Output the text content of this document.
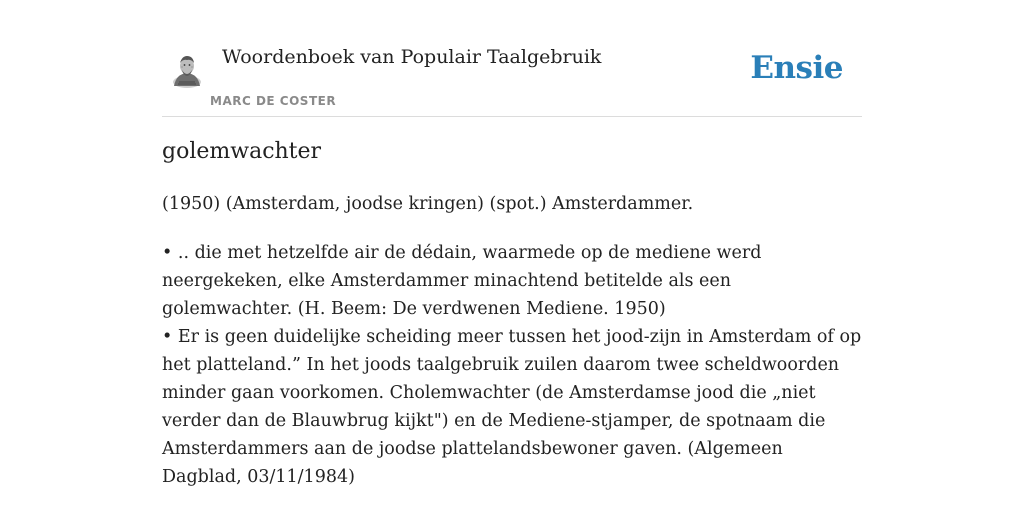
Woordenboek van Populair Taalgebruik
MARC DE COSTER
Ensie
golemwachter

(1950) (Amsterdam, joodse kringen) (spot.) Amsterdammer.

• .. die met hetzelfde air de dédain, waarmede op de mediene werd neergekeken, elke Amsterdammer minachtend betitelde als een golemwachter. (H. Beem: De verdwenen Mediene. 1950)

• Er is geen duidelijke scheiding meer tussen het jood-zijn in Amsterdam of op het platteland.” In het joods taalgebruik zuilen daarom twee scheldwoorden minder gaan voorkomen. Cholemwachter (de Amsterdamse jood die „niet verder dan de Blauwbrug kijkt") en de Mediene-stjamper, de spotnaam die Amsterdammers aan de joodse plattelandsbewoner gaven. (Algemeen Dagblad, 03/11/1984)
